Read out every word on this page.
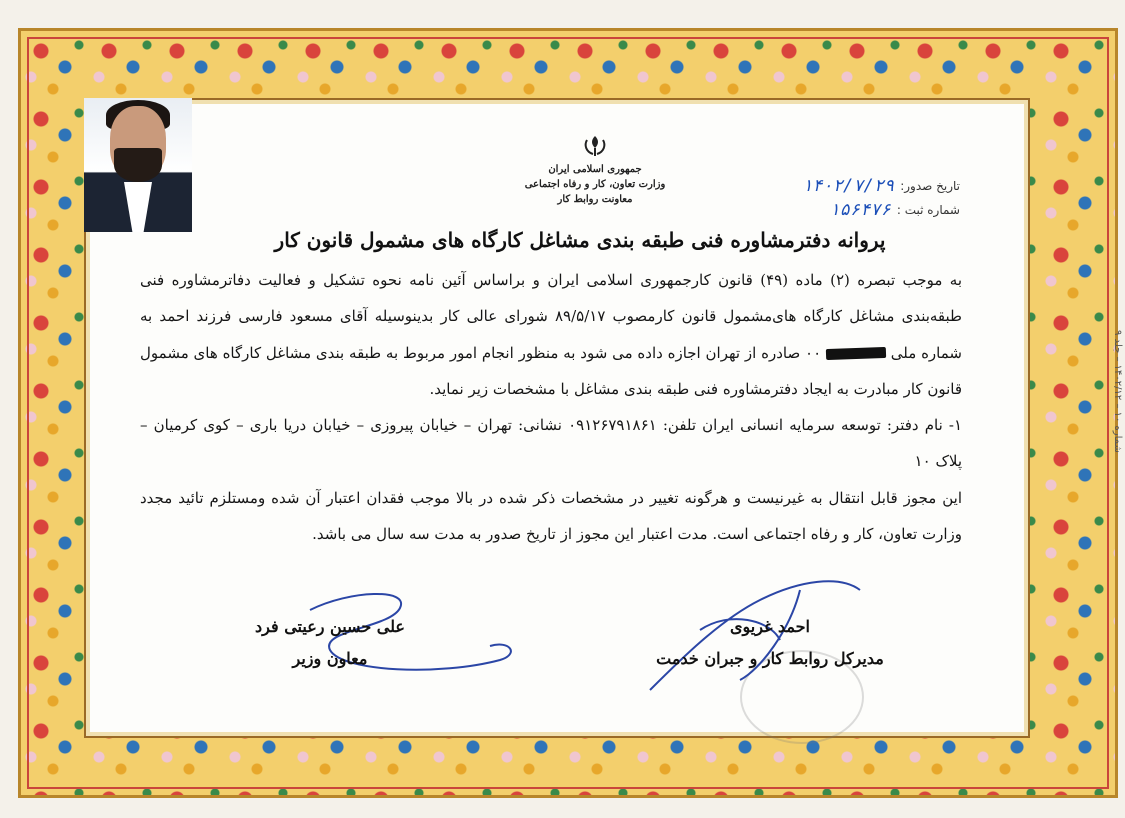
شماره ۱۰ – ۱۴۰۲/۱۲ – جلد ۹
جمهوری اسلامی ایران
وزارت تعاون، کار و رفاه اجتماعی
معاونت روابط کار
تاریخ صدور:
۱۴۰۲/۷/۲۹
شماره ثبت :
۱۵۶۴۷۶
پروانه دفترمشاوره فنی طبقه بندی مشاغل کارگاه های مشمول قانون کار

به موجب تبصره (۲) ماده (۴۹) قانون کارجمهوری اسلامی ایران و براساس آئین نامه نحوه تشکیل و فعالیت دفاترمشاوره فنی طبقه‌بندی مشاغل کارگاه های‌مشمول قانون کارمصوب ۸۹/۵/۱۷ شورای عالی کار بدینوسیله آقای مسعود فارسی فرزند احمد به شماره ملی  ۰۰ صادره از تهران اجازه داده می شود به منظور انجام امور مربوط به طبقه بندی مشاغل کارگاه های مشمول قانون کار مبادرت به ایجاد دفترمشاوره فنی طبقه بندی مشاغل با مشخصات زیر نماید.

۱- نام دفتر: توسعه سرمایه انسانی ایران تلفن: ۰۹۱۲۶۷۹۱۸۶۱ نشانی: تهران – خیابان پیروزی – خیابان دریا باری – کوی کرمیان – پلاک ۱۰

این مجوز قابل انتقال به غیرنیست و هرگونه تغییر در مشخصات ذکر شده در بالا موجب فقدان اعتبار آن شده ومستلزم تائید مجدد وزارت تعاون، کار و رفاه اجتماعی است. مدت اعتبار این مجوز از تاریخ صدور به مدت سه سال می باشد.

علی حسین رعیتی فرد
معاون وزیر
احمد غریوی
مدیرکل روابط کار و جبران خدمت
